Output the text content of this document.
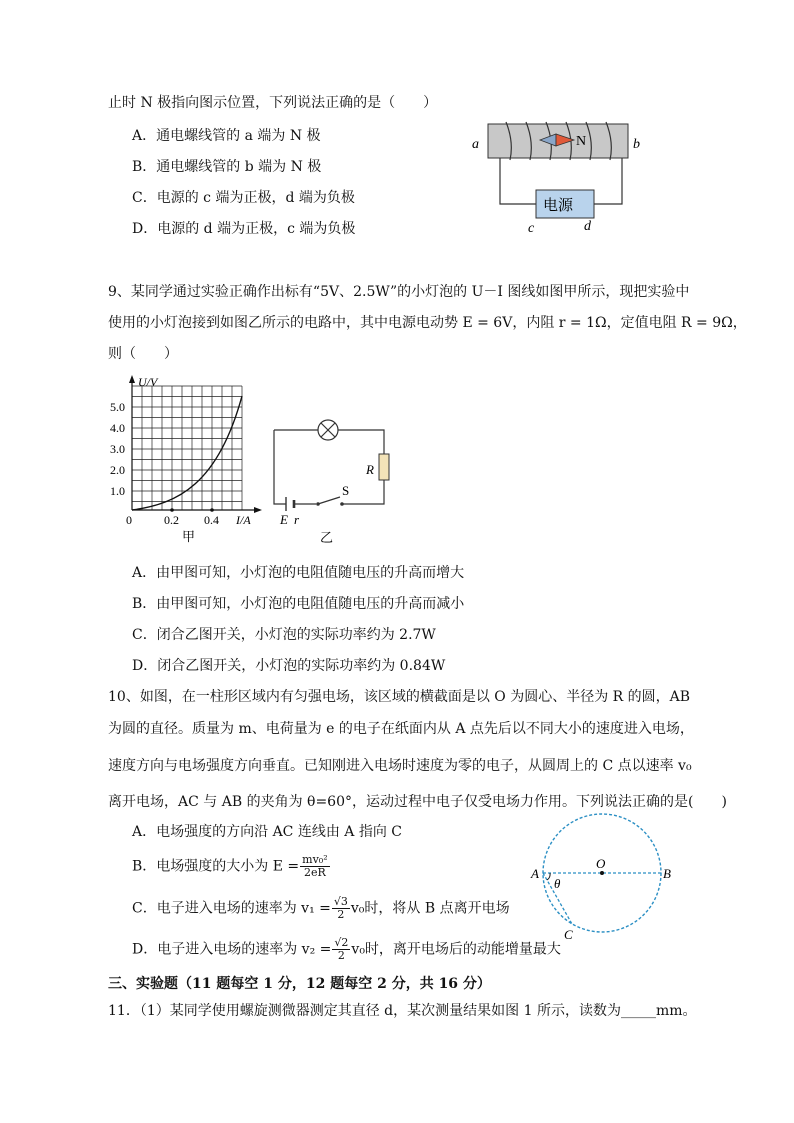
止时 N 极指向图示位置，下列说法正确的是（　　）
A．通电螺线管的 a 端为 N 极
B．通电螺线管的 b 端为 N 极
C．电源的 c 端为正极，d 端为负极
D．电源的 d 端为正极，c 端为负极
N
a	b
电源
c	d
9、某同学通过实验正确作出标有“5V、2.5W”的小灯泡的 U－I 图线如图甲所示，现把实验中
使用的小灯泡接到如图乙所示的电路中，其中电源电动势 E = 6V，内阻 r = 1Ω，定值电阻 R = 9Ω，
则（　　）
U/V
5.0
4.0
3.0
2.0
1.0
0	0.2 0.4 I/A
甲
R
S
E r
乙
A．由甲图可知，小灯泡的电阻值随电压的升高而增大
B．由甲图可知，小灯泡的电阻值随电压的升高而减小
C．闭合乙图开关，小灯泡的实际功率约为 2.7W
D．闭合乙图开关，小灯泡的实际功率约为 0.84W
10、如图，在一柱形区域内有匀强电场，该区域的横截面是以 O 为圆心、半径为 R 的圆，AB
为圆的直径。质量为 m、电荷量为 e 的电子在纸面内从 A 点先后以不同大小的速度进入电场，
速度方向与电场强度方向垂直。已知刚进入电场时速度为零的电子，从圆周上的 C 点以速率 v₀
离开电场，AC 与 AB 的夹角为 θ=60°，运动过程中电子仅受电场力作用。下列说法正确的是(　　)
A．电场强度的方向沿 AC 连线由 A 指向 C
B．电场强度的大小为 $E = \frac{\text{mv₀²}}{2eR}$
C．电子进入电场的速率为 $v_1 = \frac{√3}{2} v_0$时，将从 B 点离开电场
D．电子进入电场的速率为 $v_2 = \frac{√2}{2} v_0$时，离开电场后的动能增量最大
O
A	B
C
θ
三、实验题（11 题每空 1 分，12 题每空 2 分，共 16 分）
11．（1）某同学使用螺旋测微器测定其直径 d，某次测量结果如图 1 所示，读数为_____mm。
